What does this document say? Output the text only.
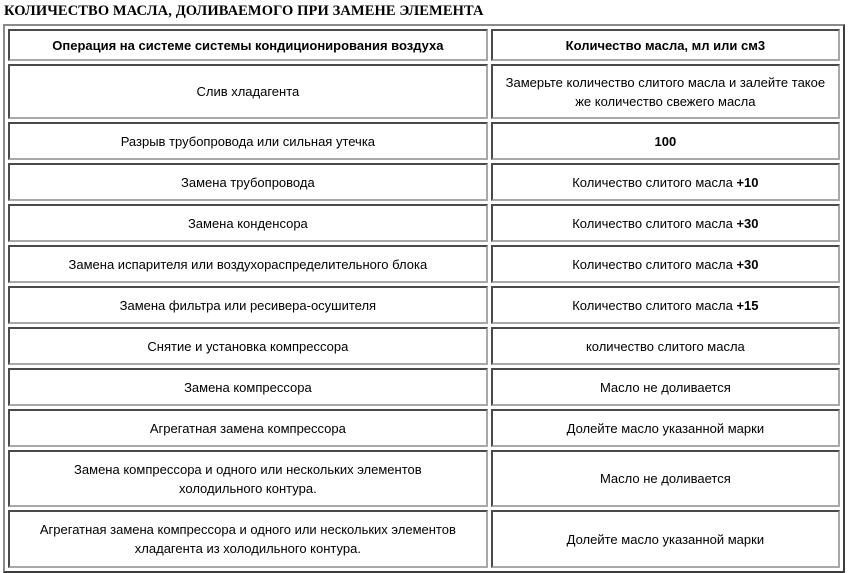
КОЛИЧЕСТВО МАСЛА, ДОЛИВАЕМОГО ПРИ ЗАМЕНЕ ЭЛЕМЕНТА
Операция на системе системы кондиционирования воздуха	Количество масла, мл или см3
Слив хладагента	Замерьте количество слитого масла и залейте такое же количество свежего масла
Разрыв трубопровода или сильная утечка	100
Замена трубопровода	Количество слитого масла +10
Замена конденсора	Количество слитого масла +30
Замена испарителя или воздухораспределительного блока	Количество слитого масла +30
Замена фильтра или ресивера-осушителя	Количество слитого масла +15
Снятие и установка компрессора	количество слитого масла
Замена компрессора	Масло не доливается
Агрегатная замена компрессора	Долейте масло указанной марки
Замена компрессора и одного или нескольких элементов
холодильного контура.	Масло не доливается
Агрегатная замена компрессора и одного или нескольких элементов
хладагента из холодильного контура.	Долейте масло указанной марки
